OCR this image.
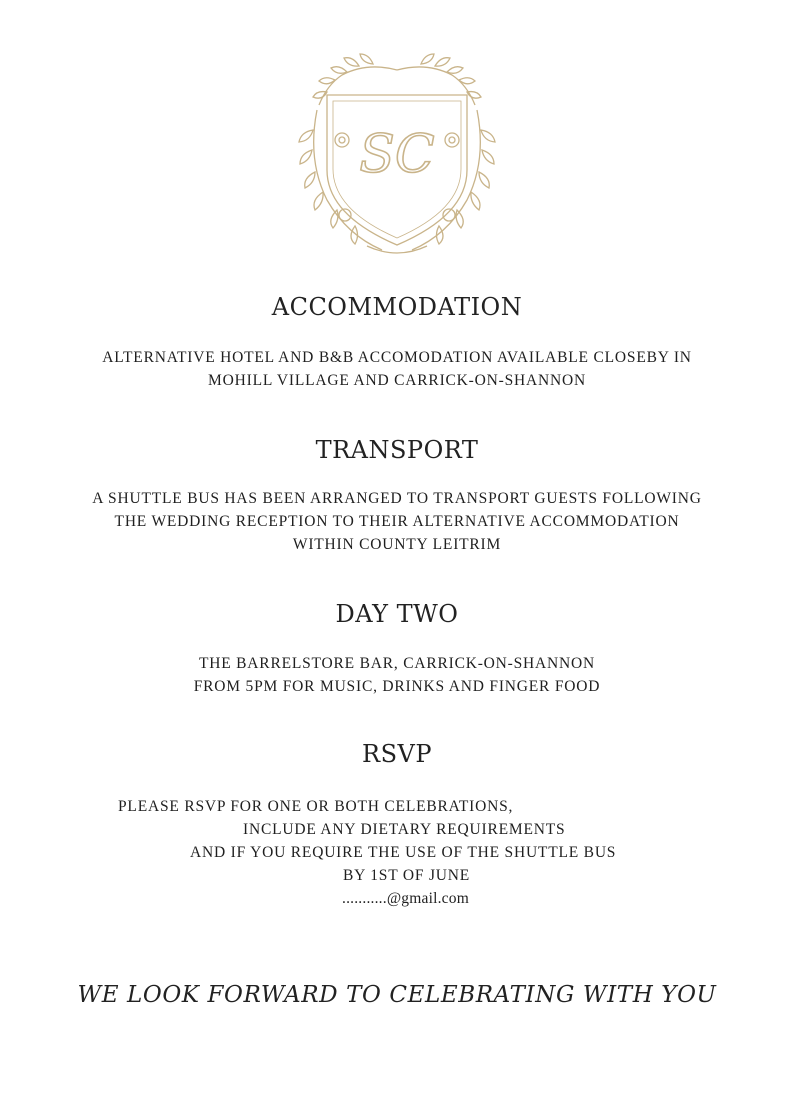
SC
ACCOMMODATION
ALTERNATIVE HOTEL AND B&B ACCOMODATION AVAILABLE CLOSEBY IN
MOHILL VILLAGE AND CARRICK-ON-SHANNON
TRANSPORT
A SHUTTLE BUS HAS BEEN ARRANGED TO TRANSPORT GUESTS FOLLOWING
THE WEDDING RECEPTION TO THEIR ALTERNATIVE ACCOMMODATION
WITHIN COUNTY LEITRIM
DAY TWO
THE BARRELSTORE BAR, CARRICK-ON-SHANNON
FROM 5PM FOR MUSIC, DRINKS AND FINGER FOOD
RSVP
PLEASE RSVP FOR ONE OR BOTH CELEBRATIONS,
INCLUDE ANY DIETARY REQUIREMENTS
AND IF YOU REQUIRE THE USE OF THE SHUTTLE BUS
BY 1ST OF JUNE
...........@gmail.com
WE LOOK FORWARD TO CELEBRATING WITH YOU
